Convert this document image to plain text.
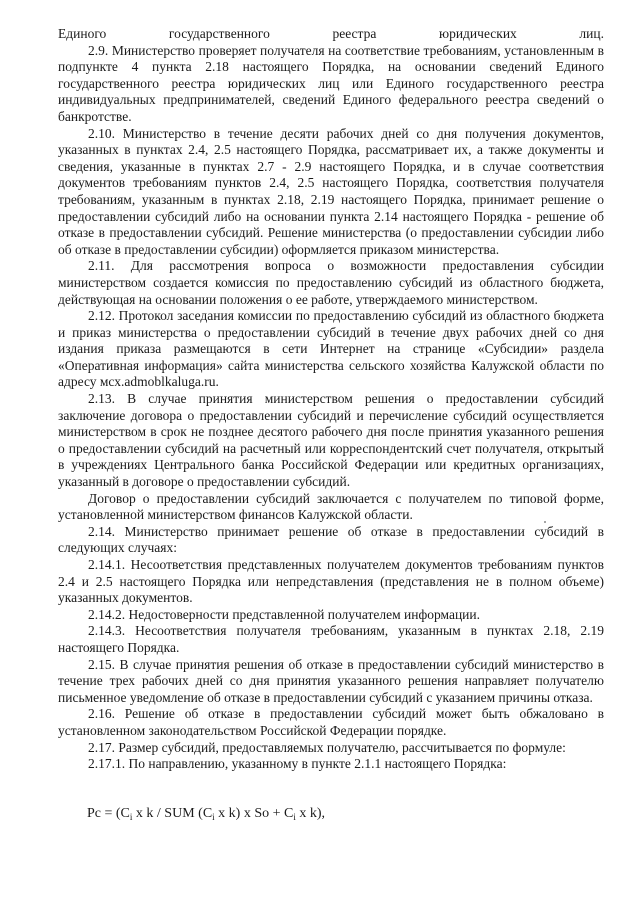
Единого государственного реестра юридических лиц.

2.9. Министерство проверяет получателя на соответствие требованиям, установленным в подпункте 4 пункта 2.18 настоящего Порядка, на основании сведений Единого государственного реестра юридических лиц или Единого государственного реестра индивидуальных предпринимателей, сведений Единого федерального реестра сведений о банкротстве.

2.10. Министерство в течение десяти рабочих дней со дня получения документов, указанных в пунктах 2.4, 2.5 настоящего Порядка, рассматривает их, а также документы и сведения, указанные в пунктах 2.7 - 2.9 настоящего Порядка, и в случае соответствия документов требованиям пунктов 2.4, 2.5 настоящего Порядка, соответствия получателя требованиям, указанным в пунктах 2.18, 2.19 настоящего Порядка, принимает решение о предоставлении субсидий либо на основании пункта 2.14 настоящего Порядка - решение об отказе в предоставлении субсидий. Решение министерства (о предоставлении субсидии либо об отказе в предоставлении субсидии) оформляется приказом министерства.

2.11. Для рассмотрения вопроса о возможности предоставления субсидии министерством создается комиссия по предоставлению субсидий из областного бюджета, действующая на основании положения о ее работе, утверждаемого министерством.

2.12. Протокол заседания комиссии по предоставлению субсидий из областного бюджета и приказ министерства о предоставлении субсидий в течение двух рабочих дней со дня издания приказа размещаются в сети Интернет на странице «Субсидии» раздела «Оперативная информация» сайта министерства сельского хозяйства Калужской области по адресу мсх.admoblkaluga.ru.

2.13. В случае принятия министерством решения о предоставлении субсидий заключение договора о предоставлении субсидий и перечисление субсидий осуществляется министерством в срок не позднее десятого рабочего дня после принятия указанного решения о предоставлении субсидий на расчетный или корреспондентский счет получателя, открытый в учреждениях Центрального банка Российской Федерации или кредитных организациях, указанный в договоре о предоставлении субсидий.

Договор о предоставлении субсидий заключается с получателем по типовой форме, установленной министерством финансов Калужской области.

2.14. Министерство принимает решение об отказе в предоставлении субсидий в следующих случаях:

2.14.1. Несоответствия представленных получателем документов требованиям пунктов 2.4 и 2.5 настоящего Порядка или непредставления (представления не в полном объеме) указанных документов.

2.14.2. Недостоверности представленной получателем информации.

2.14.3. Несоответствия получателя требованиям, указанным в пунктах 2.18, 2.19 настоящего Порядка.

2.15. В случае принятия решения об отказе в предоставлении субсидий министерство в течение трех рабочих дней со дня принятия указанного решения направляет получателю письменное уведомление об отказе в предоставлении субсидий с указанием причины отказа.

2.16. Решение об отказе в предоставлении субсидий может быть обжаловано в установленном законодательством Российской Федерации порядке.

2.17. Размер субсидий, предоставляемых получателю, рассчитывается по формуле:

2.17.1. По направлению, указанному в пункте 2.1.1 настоящего Порядка:

Рс = ($C_i$ x k / SUM ($C_i$ x k) x $So + C_i$ x k),
